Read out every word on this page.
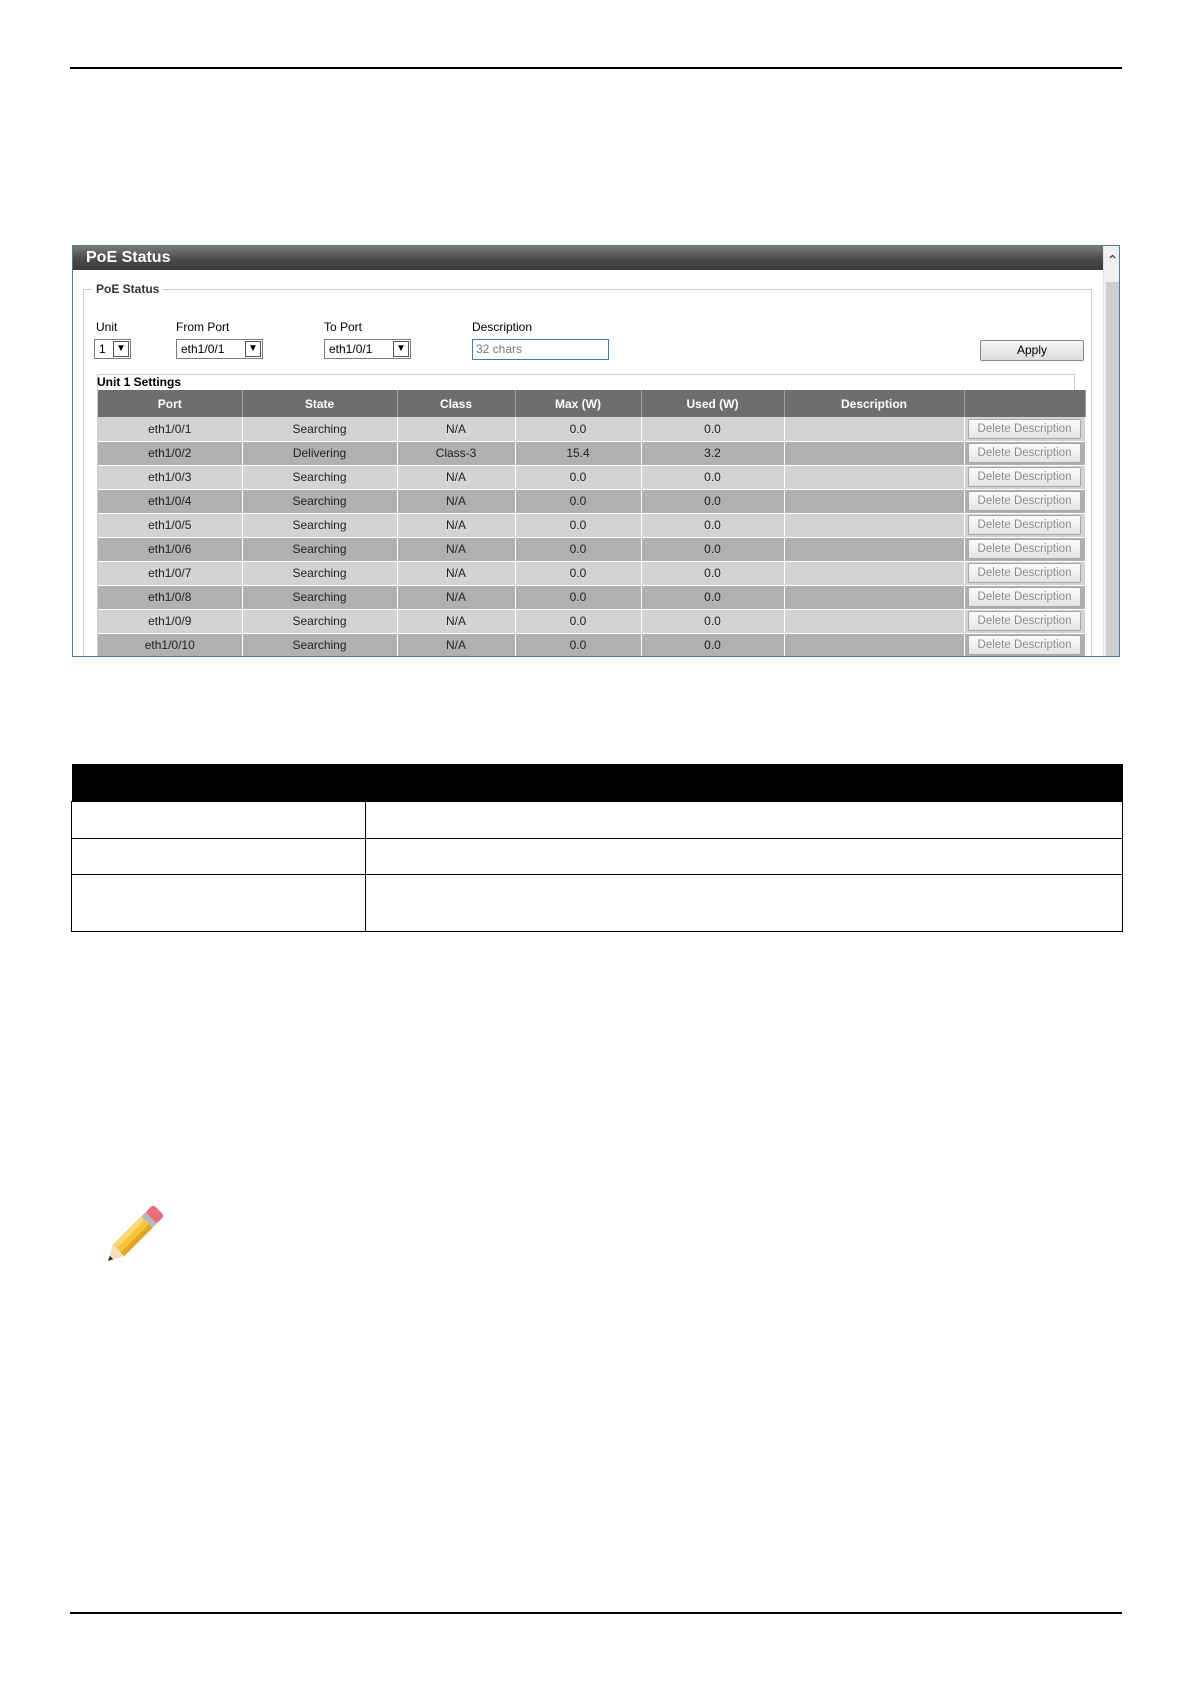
PoE Status	⌃
PoE Status
Unit	From Port	To Port	Description
1	▼	eth1/0/1	▼	eth1/0/1	▼	32 chars	Apply
Unit 1 Settings
Port	State	Class	Max (W)	Used (W)	Description	
eth1/0/1	Searching	N/A	0.0	0.0		Delete Description
eth1/0/2	Delivering	Class-3	15.4	3.2		Delete Description
eth1/0/3	Searching	N/A	0.0	0.0		Delete Description
eth1/0/4	Searching	N/A	0.0	0.0		Delete Description
eth1/0/5	Searching	N/A	0.0	0.0		Delete Description
eth1/0/6	Searching	N/A	0.0	0.0		Delete Description
eth1/0/7	Searching	N/A	0.0	0.0		Delete Description
eth1/0/8	Searching	N/A	0.0	0.0		Delete Description
eth1/0/9	Searching	N/A	0.0	0.0		Delete Description
eth1/0/10	Searching	N/A	0.0	0.0		Delete Description
